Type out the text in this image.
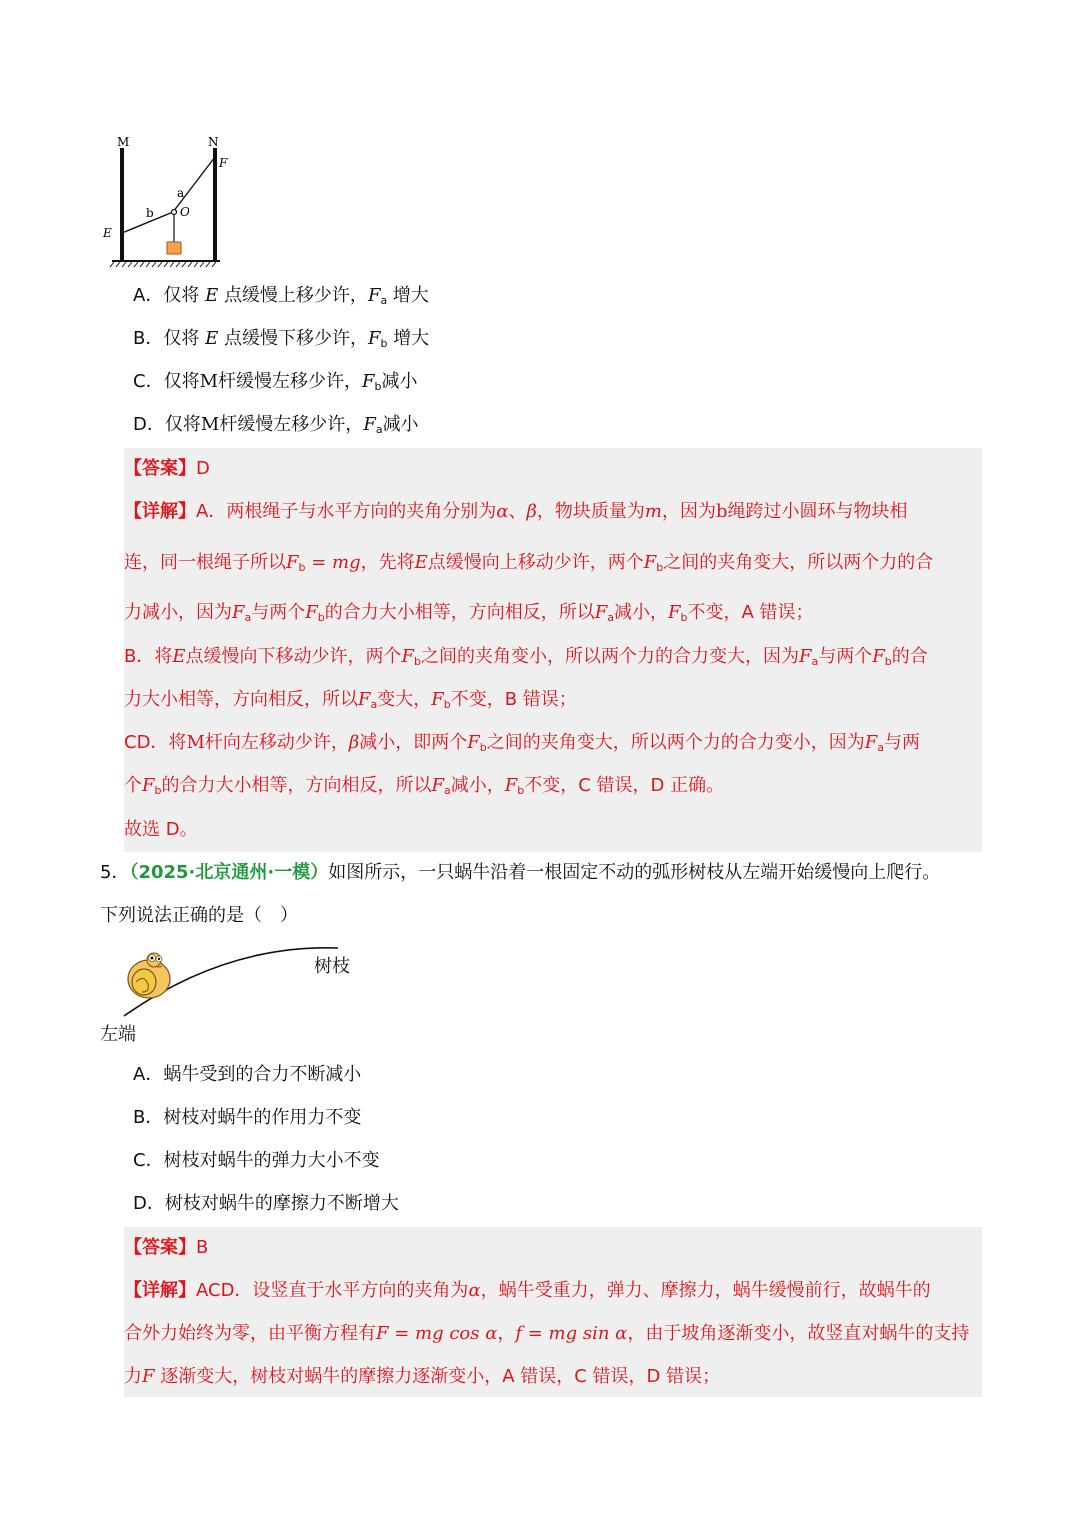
M	N
F
a
b O
E
A．仅将 E 点缓慢上移少许，$F_a$ 增大
B．仅将 E 点缓慢下移少许，$F_b$ 增大
C．仅将M杆缓慢左移少许，$F_b$减小
D．仅将M杆缓慢左移少许，$F_a$减小
【答案】D
【详解】A．两根绳子与水平方向的夹角分别为α、β，物块质量为m，因为b绳跨过小圆环与物块相
连，同一根绳子所以$F_b$ = mg，先将E点缓慢向上移动少许，两个$F_b$之间的夹角变大，所以两个力的合
力减小，因为$F_a$与两个$F_b$的合力大小相等，方向相反，所以$F_a$减小，$F_b$不变，A 错误；
B．将E点缓慢向下移动少许，两个$F_b$之间的夹角变小，所以两个力的合力变大，因为$F_a$与两个$F_b$的合
力大小相等，方向相反，所以$F_a$变大，$F_b$不变，B 错误；
CD．将M杆向左移动少许，β减小，即两个$F_b$之间的夹角变大，所以两个力的合力变小，因为$F_a$与两
个$F_b$的合力大小相等，方向相反，所以$F_a$减小，$F_b$不变，C 错误，D 正确。
故选 D。
5．（2025·北京通州·一模）如图所示，一只蜗牛沿着一根固定不动的弧形树枝从左端开始缓慢向上爬行。
下列说法正确的是（　）
树枝
左端
A．蜗牛受到的合力不断减小
B．树枝对蜗牛的作用力不变
C．树枝对蜗牛的弹力大小不变
D．树枝对蜗牛的摩擦力不断增大
【答案】B
【详解】ACD．设竖直于水平方向的夹角为α，蜗牛受重力，弹力、摩擦力，蜗牛缓慢前行，故蜗牛的
合外力始终为零，由平衡方程有F = mg cos α，f = mg sin α，由于坡角逐渐变小，故竖直对蜗牛的支持
力F 逐渐变大，树枝对蜗牛的摩擦力逐渐变小，A 错误，C 错误，D 错误；
